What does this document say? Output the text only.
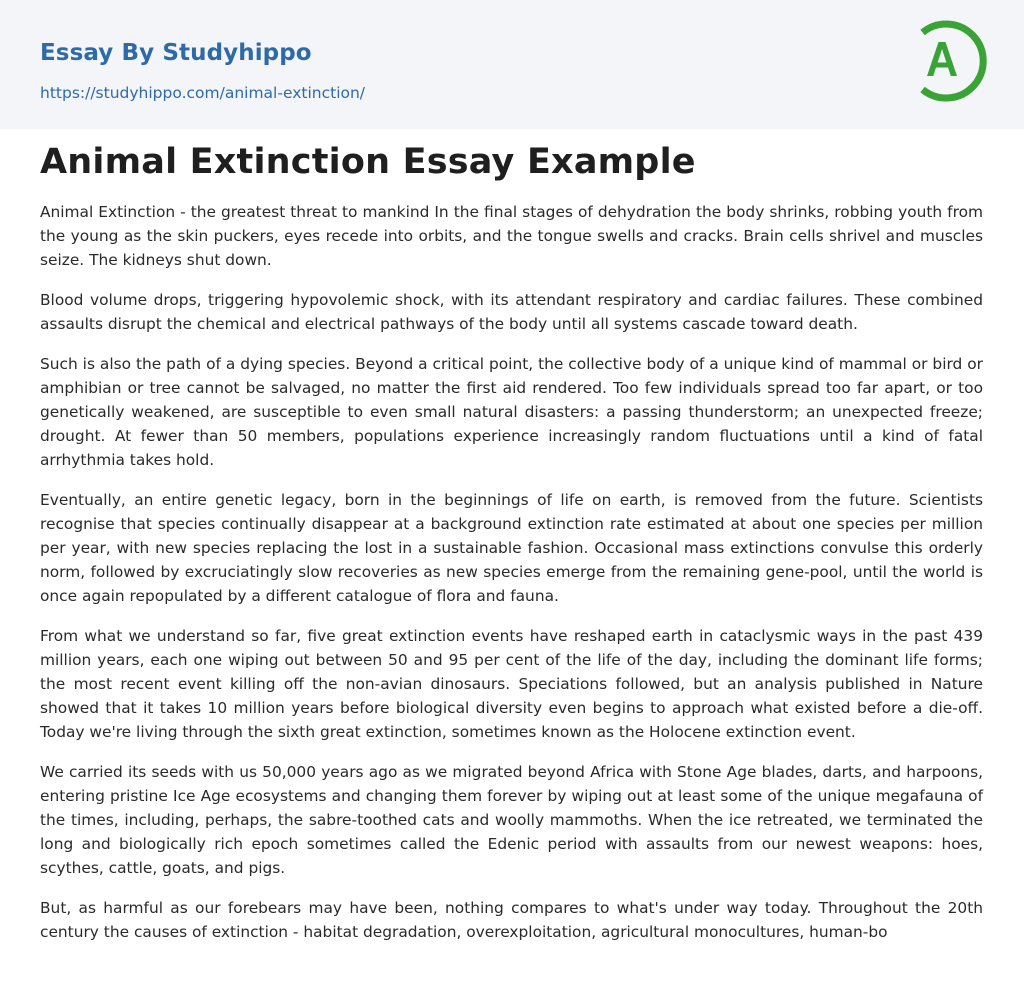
Essay By Studyhippo
https://studyhippo.com/animal-extinction/
Animal Extinction Essay Example

Animal Extinction - the greatest threat to mankind In the final stages of dehydration the body shrinks, robbing youth from the young as the skin puckers, eyes recede into orbits, and the tongue swells and cracks. Brain cells shrivel and muscles seize. The kidneys shut down.

Blood volume drops, triggering hypovolemic shock, with its attendant respiratory and cardiac failures. These combined assaults disrupt the chemical and electrical pathways of the body until all systems cascade toward death.

Such is also the path of a dying species. Beyond a critical point, the collective body of a unique kind of mammal or bird or amphibian or tree cannot be salvaged, no matter the first aid rendered. Too few individuals spread too far apart, or too genetically weakened, are susceptible to even small natural disasters: a passing thunderstorm; an unexpected freeze; drought. At fewer than 50 members, populations experience increasingly random fluctuations until a kind of fatal arrhythmia takes hold.

Eventually, an entire genetic legacy, born in the beginnings of life on earth, is removed from the future. Scientists recognise that species continually disappear at a background extinction rate estimated at about one species per million per year, with new species replacing the lost in a sustainable fashion. Occasional mass extinctions convulse this orderly norm, followed by excruciatingly slow recoveries as new species emerge from the remaining gene-pool, until the world is once again repopulated by a different catalogue of flora and fauna.

From what we understand so far, five great extinction events have reshaped earth in cataclysmic ways in the past 439 million years, each one wiping out between 50 and 95 per cent of the life of the day, including the dominant life forms; the most recent event killing off the non-avian dinosaurs. Speciations followed, but an analysis published in Nature showed that it takes 10 million years before biological diversity even begins to approach what existed before a die-off. Today we're living through the sixth great extinction, sometimes known as the Holocene extinction event.

We carried its seeds with us 50,000 years ago as we migrated beyond Africa with Stone Age blades, darts, and harpoons, entering pristine Ice Age ecosystems and changing them forever by wiping out at least some of the unique megafauna of the times, including, perhaps, the sabre-toothed cats and woolly mammoths. When the ice retreated, we terminated the long and biologically rich epoch sometimes called the Edenic period with assaults from our newest weapons: hoes, scythes, cattle, goats, and pigs.

But, as harmful as our forebears may have been, nothing compares to what's under way today. Throughout the 20th century the causes of extinction - habitat degradation, overexploitation, agricultural monocultures, human-bo
